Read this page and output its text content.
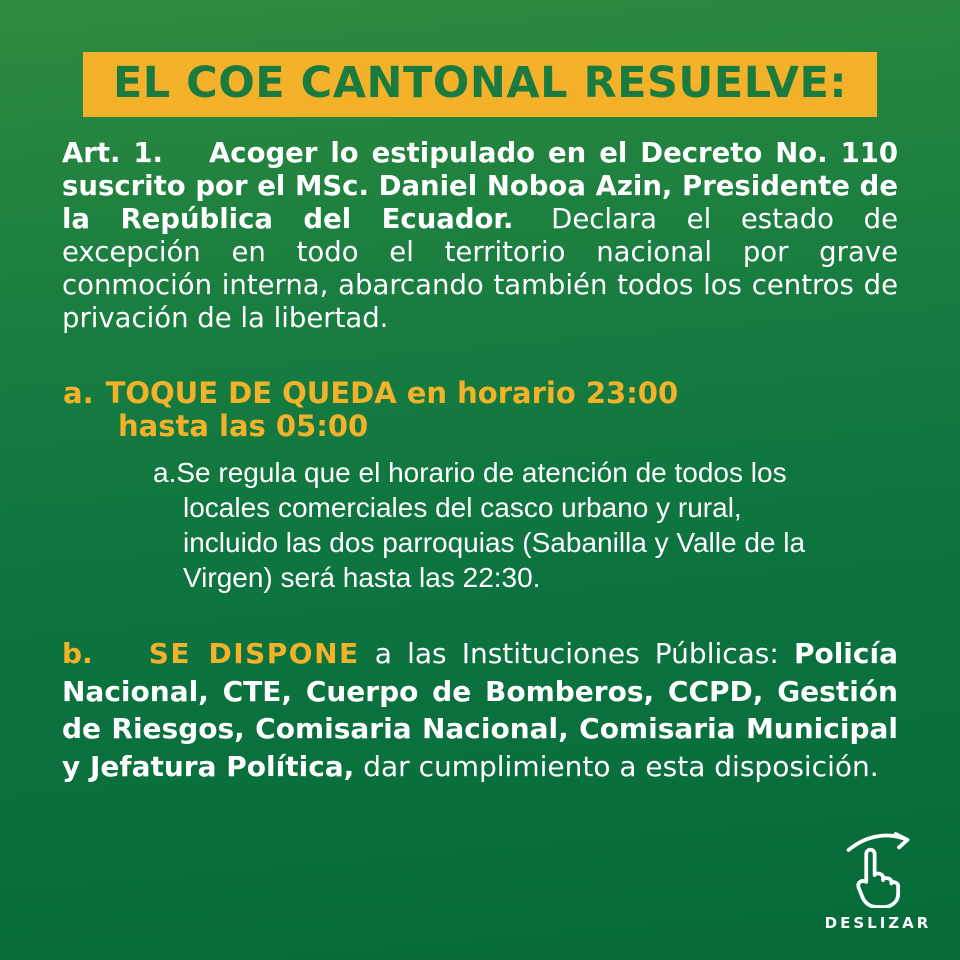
EL COE CANTONAL RESUELVE:

Art. 1. Acoger lo estipulado en el Decreto No. 110 suscrito por el MSc. Daniel Noboa Azin, Presidente de la República del Ecuador. Declara el estado de excepción en todo el territorio nacional por grave conmoción interna, abarcando también todos los centros de privación de la libertad.

a. TOQUE DE QUEDA en horario 23:00 hasta las 05:00

a.Se regula que el horario de atención de todos los locales comerciales del casco urbano y rural, incluido las dos parroquias (Sabanilla y Valle de la Virgen) será hasta las 22:30.

b. SE DISPONE a las Instituciones Públicas: Policía Nacional, CTE, Cuerpo de Bomberos, CCPD, Gestión de Riesgos, Comisaria Nacional, Comisaria Municipal y Jefatura Política, dar cumplimiento a esta disposición.

DESLIZAR
